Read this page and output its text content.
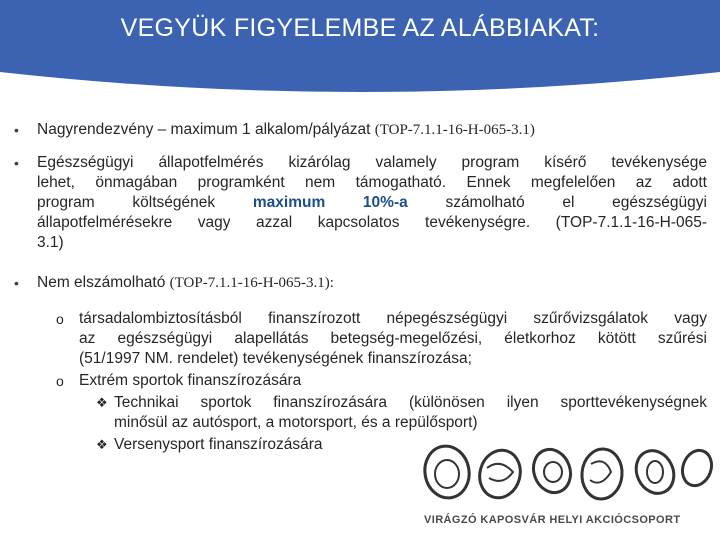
VEGYÜK FIGYELEMBE AZ ALÁBBIAKAT:
• Nagyrendezvény – maximum 1 alkalom/pályázat (TOP-7.1.1-16-H-065-3.1)
• Egészségügyi állapotfelmérés kizárólag valamely program kísérő tevékenysége
lehet, önmagában programként nem támogatható. Ennek megfelelően az adott
program költségének maximum 10%-a számolható el egészségügyi
állapotfelmérésekre vagy azzal kapcsolatos tevékenységre. (TOP-7.1.1-16-H-065-
3.1)
• Nem elszámolható (TOP-7.1.1-16-H-065-3.1):
o társadalombiztosításból finanszírozott népegészségügyi szűrővizsgálatok vagy
az egészségügyi alapellátás betegség-megelőzési, életkorhoz kötött szűrési
(51/1997 NM. rendelet) tevékenységének finanszírozása;
o Extrém sportok finanszírozására
❖ Technikai sportok finanszírozására (különösen ilyen sporttevékenységnek
minősül az autósport, a motorsport, és a repülősport)
❖ Versenysport finanszírozására
VIRÁGZÓ KAPOSVÁR HELYI AKCIÓCSOPORT
